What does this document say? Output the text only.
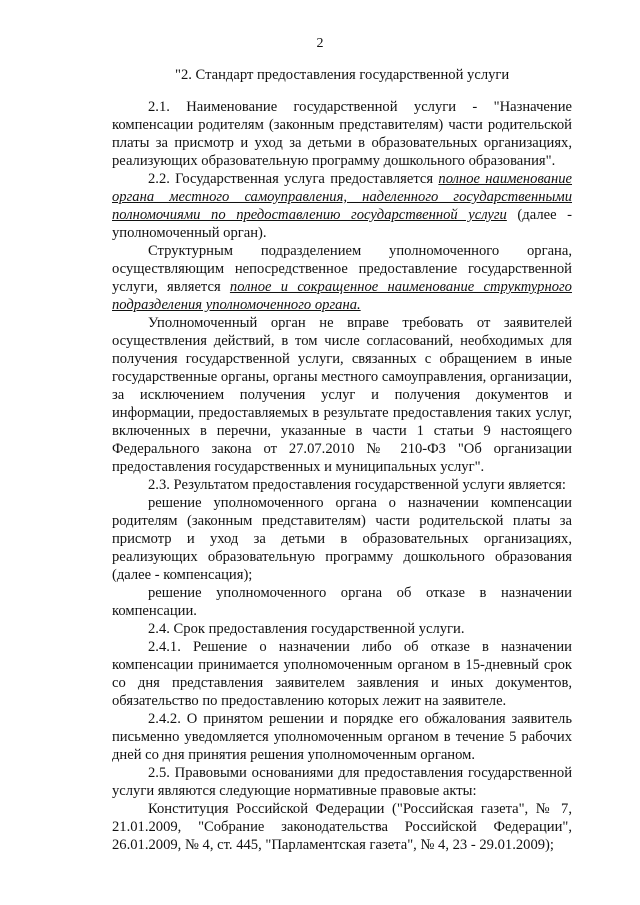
2
"2. Стандарт предоставления государственной услуги

2.1. Наименование государственной услуги - "Назначение компенсации родителям (законным представителям) части родительской платы за присмотр и уход за детьми в образовательных организациях, реализующих образовательную программу дошкольного образования".

2.2. Государственная услуга предоставляется полное наименование органа местного самоуправления, наделенного государственными полномочиями по предоставлению государственной услуги (далее - уполномоченный орган).

Структурным подразделением уполномоченного органа, осуществляющим непосредственное предоставление государственной услуги, является полное и сокращенное наименование структурного подразделения уполномоченного органа.

Уполномоченный орган не вправе требовать от заявителей осуществления действий, в том числе согласований, необходимых для получения государственной услуги, связанных с обращением в иные государственные органы, органы местного самоуправления, организации, за исключением получения услуг и получения документов и информации, предоставляемых в результате предоставления таких услуг, включенных в перечни, указанные в части 1 статьи 9 настоящего Федерального закона от 27.07.2010 № 210-ФЗ "Об организации предоставления государственных и муниципальных услуг".

2.3. Результатом предоставления государственной услуги является:

решение уполномоченного органа о назначении компенсации родителям (законным представителям) части родительской платы за присмотр и уход за детьми в образовательных организациях, реализующих образовательную программу дошкольного образования (далее - компенсация);

решение уполномоченного органа об отказе в назначении компенсации.

2.4. Срок предоставления государственной услуги.

2.4.1. Решение о назначении либо об отказе в назначении компенсации принимается уполномоченным органом в 15-дневный срок со дня представления заявителем заявления и иных документов, обязательство по предоставлению которых лежит на заявителе.

2.4.2. О принятом решении и порядке его обжалования заявитель письменно уведомляется уполномоченным органом в течение 5 рабочих дней со дня принятия решения уполномоченным органом.

2.5. Правовыми основаниями для предоставления государственной услуги являются следующие нормативные правовые акты:

Конституция Российской Федерации ("Российская газета", № 7, 21.01.2009, "Собрание законодательства Российской Федерации", 26.01.2009, № 4, ст. 445, "Парламентская газета", № 4, 23 - 29.01.2009);
